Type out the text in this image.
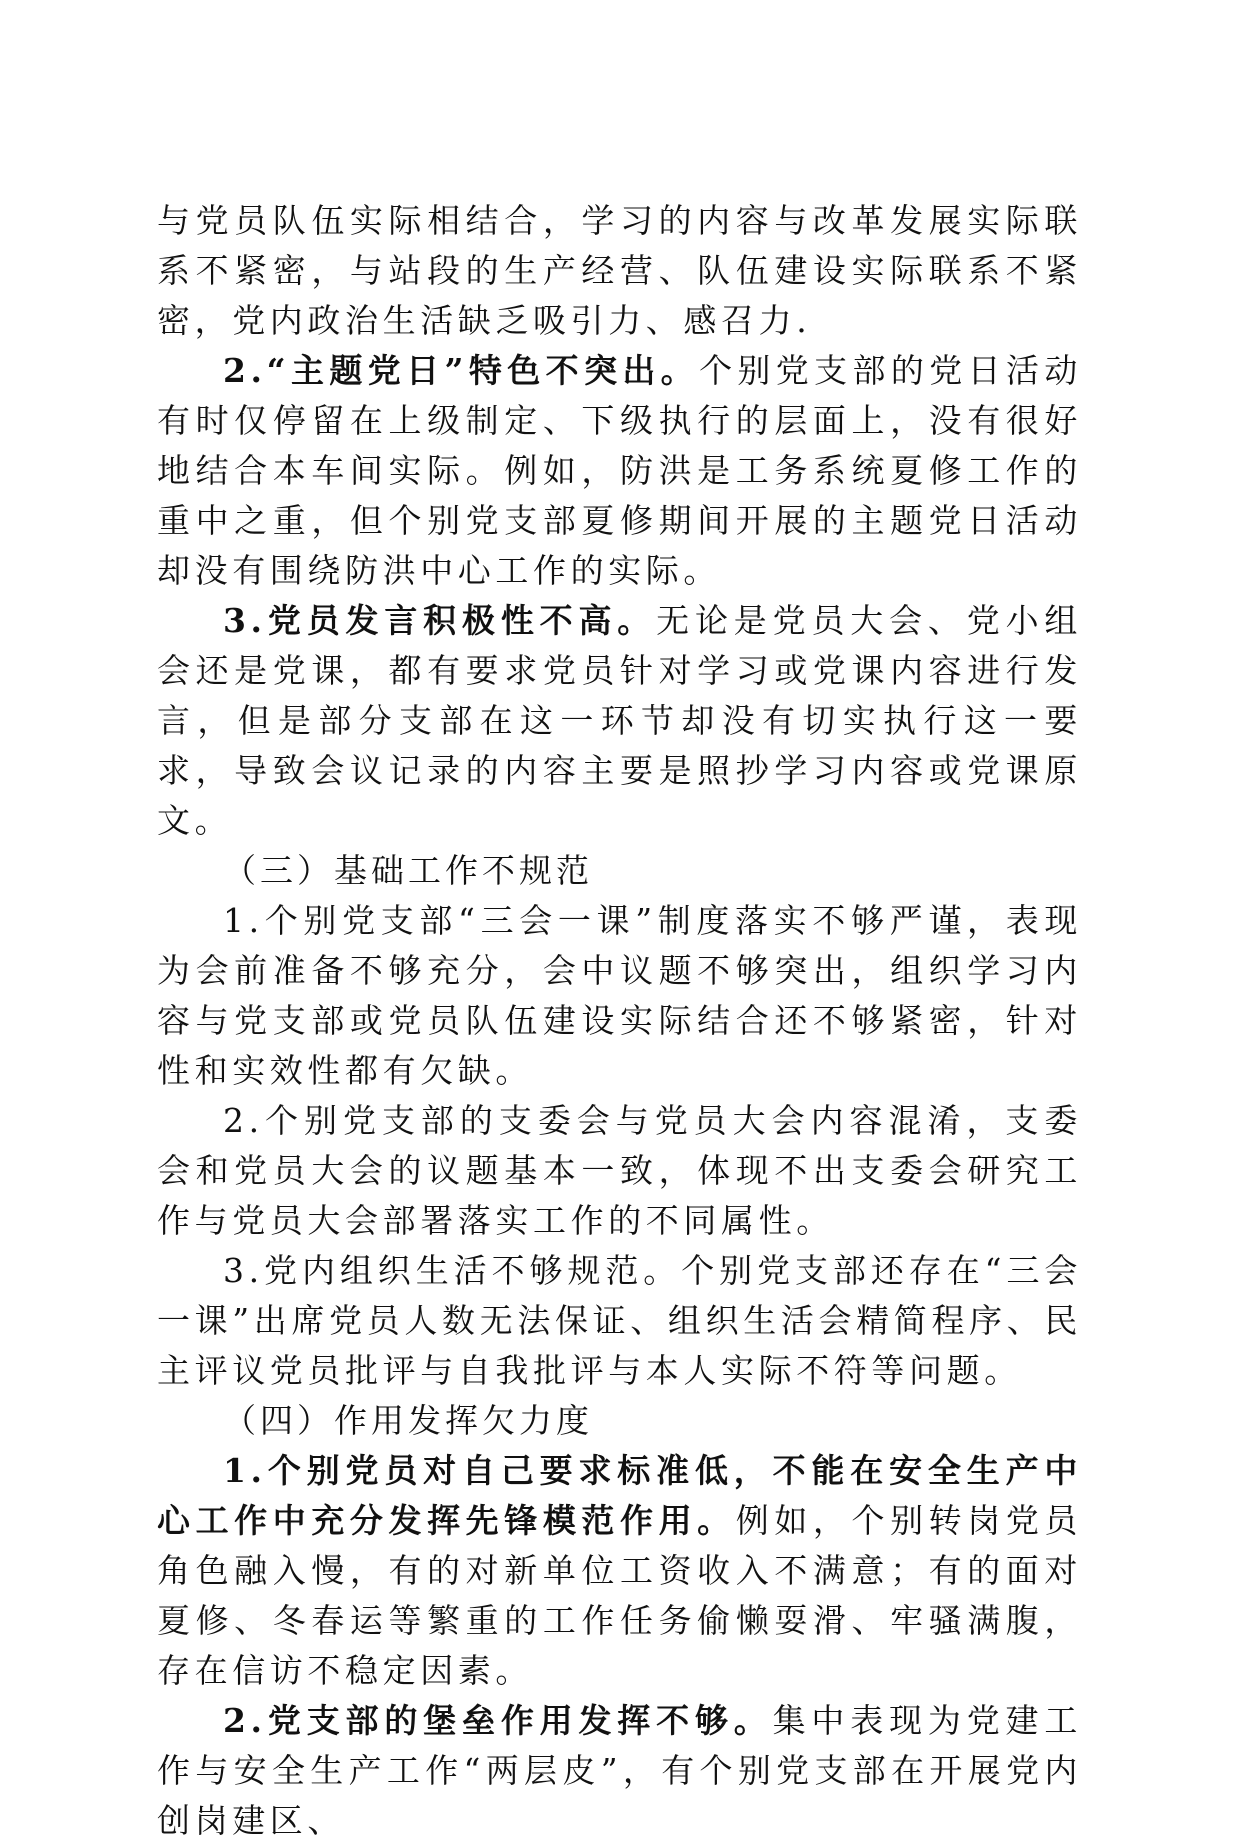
与党员队伍实际相结合，学习的内容与改革发展实际联系不紧密，与站段的生产经营、队伍建设实际联系不紧密，党内政治生活缺乏吸引力、感召力.

2.“主题党日”特色不突出。个别党支部的党日活动有时仅停留在上级制定、下级执行的层面上，没有很好地结合本车间实际。例如，防洪是工务系统夏修工作的重中之重，但个别党支部夏修期间开展的主题党日活动却没有围绕防洪中心工作的实际。

3.党员发言积极性不高。无论是党员大会、党小组会还是党课，都有要求党员针对学习或党课内容进行发言，但是部分支部在这一环节却没有切实执行这一要求，导致会议记录的内容主要是照抄学习内容或党课原文。

（三）基础工作不规范

1.个别党支部“三会一课”制度落实不够严谨，表现为会前准备不够充分，会中议题不够突出，组织学习内容与党支部或党员队伍建设实际结合还不够紧密，针对性和实效性都有欠缺。

2.个别党支部的支委会与党员大会内容混淆，支委会和党员大会的议题基本一致，体现不出支委会研究工作与党员大会部署落实工作的不同属性。

3.党内组织生活不够规范。个别党支部还存在“三会一课”出席党员人数无法保证、组织生活会精简程序、民主评议党员批评与自我批评与本人实际不符等问题。

（四）作用发挥欠力度

1.个别党员对自己要求标准低，不能在安全生产中心工作中充分发挥先锋模范作用。例如，个别转岗党员角色融入慢，有的对新单位工资收入不满意；有的面对夏修、冬春运等繁重的工作任务偷懒耍滑、牢骚满腹，存在信访不稳定因素。

2.党支部的堡垒作用发挥不够。集中表现为党建工作与安全生产工作“两层皮”，有个别党支部在开展党内创岗建区、
